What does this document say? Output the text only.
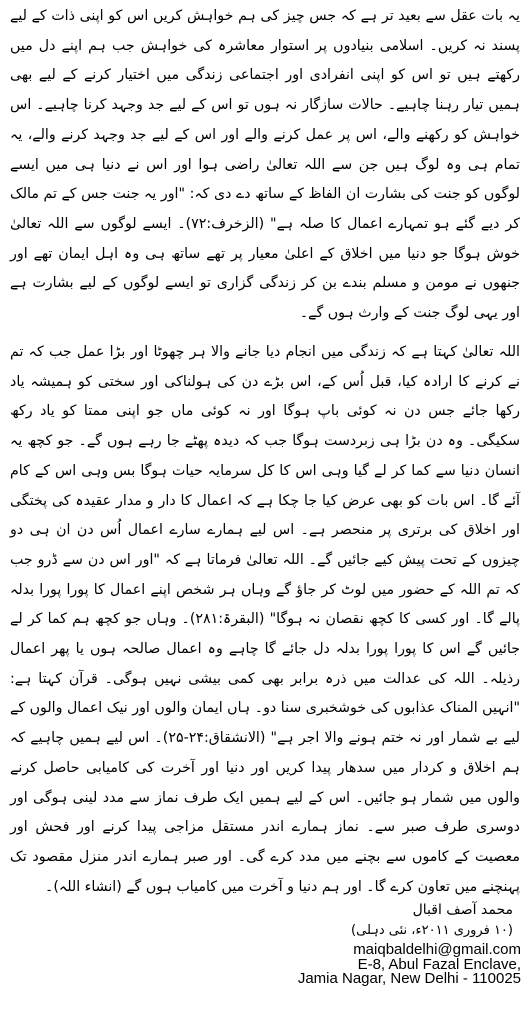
یہ بات عقل سے بعید تر ہے کہ جس چیز کی ہم خواہش کریں اس کو اپنی ذات کے لیے پسند نہ کریں۔ اسلامی بنیادوں پر استوار معاشرہ کی خواہش جب ہم اپنے دل میں رکھتے ہیں تو اس کو اپنی انفرادی اور اجتماعی زندگی میں اختیار کرنے کے لیے بھی ہمیں تیار رہنا چاہیے۔ حالات سازگار نہ ہوں تو اس کے لیے جد وجہد کرنا چاہیے۔ اس خواہش کو رکھنے والے، اس پر عمل کرنے والے اور اس کے لیے جد وجہد کرنے والے، یہ تمام ہی وہ لوگ ہیں جن سے اللہ تعالیٰ راضی ہوا اور اس نے دنیا ہی میں ایسے لوگوں کو جنت کی بشارت ان الفاظ کے ساتھ دے دی کہ: "اور یہ جنت جس کے تم مالک کر دیے گئے ہو تمہارے اعمال کا صلہ ہے" (الزخرف:۷۲)۔ ایسے لوگوں سے اللہ تعالیٰ خوش ہوگا جو دنیا میں اخلاق کے اعلیٰ معیار پر تھے ساتھ ہی وہ اہل ایمان تھے اور جنھوں نے مومن و مسلم بندے بن کر زندگی گزاری تو ایسے لوگوں کے لیے بشارت ہے اور یہی لوگ جنت کے وارث ہوں گے۔

اللہ تعالیٰ کہتا ہے کہ زندگی میں انجام دیا جانے والا ہر چھوٹا اور بڑا عمل جب کہ تم نے کرنے کا ارادہ کیا، قبل اُس کے، اس بڑے دن کی ہولناکی اور سختی کو ہمیشہ یاد رکھا جائے جس دن نہ کوئی باپ ہوگا اور نہ کوئی ماں جو اپنی ممتا کو یاد رکھ سکیگی۔ وہ دن بڑا ہی زبردست ہوگا جب کہ دیدہ پھٹے جا رہے ہوں گے۔ جو کچھ یہ انسان دنیا سے کما کر لے گیا وہی اس کا کل سرمایہ حیات ہوگا بس وہی اس کے کام آئے گا۔ اس بات کو بھی عرض کیا جا چکا ہے کہ اعمال کا دار و مدار عقیدہ کی پختگی اور اخلاق کی برتری پر منحصر ہے۔ اس لیے ہمارے سارے اعمال اُس دن ان ہی دو چیزوں کے تحت پیش کیے جائیں گے۔ اللہ تعالیٰ فرماتا ہے کہ "اور اس دن سے ڈرو جب کہ تم اللہ کے حضور میں لوٹ کر جاؤ گے وہاں ہر شخص اپنے اعمال کا پورا پورا بدلہ پالے گا۔ اور کسی کا کچھ نقصان نہ ہوگا" (البقرۃ:۲۸۱)۔ وہاں جو کچھ ہم کما کر لے جائیں گے اس کا پورا پورا بدلہ دل جائے گا چاہے وہ اعمال صالحہ ہوں یا پھر اعمال رذیلہ۔ اللہ کی عدالت میں ذرہ برابر بھی کمی بیشی نہیں ہوگی۔ قرآن کہتا ہے: "انہیں المناک عذابوں کی خوشخبری سنا دو۔ ہاں ایمان والوں اور نیک اعمال والوں کے لیے بے شمار اور نہ ختم ہونے والا اجر ہے" (الانشقاق:۲۴-۲۵)۔ اس لیے ہمیں چاہیے کہ ہم اخلاق و کردار میں سدھار پیدا کریں اور دنیا اور آخرت کی کامیابی حاصل کرنے والوں میں شمار ہو جائیں۔ اس کے لیے ہمیں ایک طرف نماز سے مدد لینی ہوگی اور دوسری طرف صبر سے۔ نماز ہمارے اندر مستقل مزاجی پیدا کرنے اور فحش اور معصیت کے کاموں سے بچنے میں مدد کرے گی۔ اور صبر ہمارے اندر منزل مقصود تک پہنچنے میں تعاون کرے گا۔ اور ہم دنیا و آخرت میں کامیاب ہوں گے (انشاء اللہ)۔

محمد آصف اقبال
(۱۰ فروری ۲۰۱۱ء، نئی دہلی)
maiqbaldelhi@gmail.com
E-8, Abul Fazal Enclave,
Jamia Nagar, New Delhi - 110025
